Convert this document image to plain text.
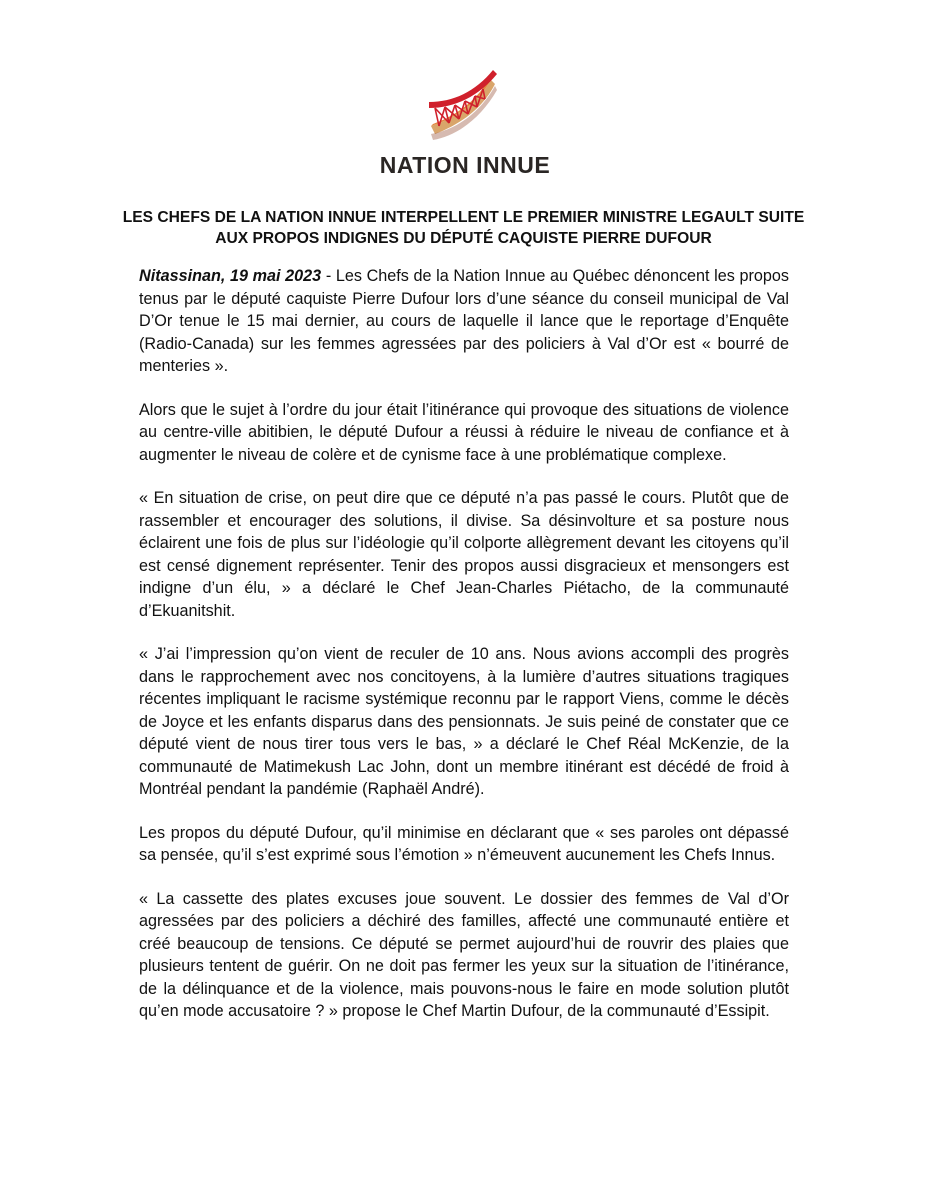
NATION INNUE
LES CHEFS DE LA NATION INNUE INTERPELLENT LE PREMIER MINISTRE LEGAULT SUITE
AUX PROPOS INDIGNES DU DÉPUTÉ CAQUISTE PIERRE DUFOUR

Nitassinan, 19 mai 2023 - Les Chefs de la Nation Innue au Québec dénoncent les propos tenus par le député caquiste Pierre Dufour lors d’une séance du conseil municipal de Val D’Or tenue le 15 mai dernier, au cours de laquelle il lance que le reportage d’Enquête (Radio-Canada) sur les femmes agressées par des policiers à Val d’Or est « bourré de menteries ».

Alors que le sujet à l’ordre du jour était l’itinérance qui provoque des situations de violence au centre-ville abitibien, le député Dufour a réussi à réduire le niveau de confiance et à augmenter le niveau de colère et de cynisme face à une problématique complexe.

« En situation de crise, on peut dire que ce député n’a pas passé le cours. Plutôt que de rassembler et encourager des solutions, il divise. Sa désinvolture et sa posture nous éclairent une fois de plus sur l’idéologie qu’il colporte allègrement devant les citoyens qu’il est censé dignement représenter. Tenir des propos aussi disgracieux et mensongers est indigne d’un élu, » a déclaré le Chef Jean-Charles Piétacho, de la communauté d’Ekuanitshit.

« J’ai l’impression qu’on vient de reculer de 10 ans. Nous avions accompli des progrès dans le rapprochement avec nos concitoyens, à la lumière d’autres situations tragiques récentes impliquant le racisme systémique reconnu par le rapport Viens, comme le décès de Joyce et les enfants disparus dans des pensionnats. Je suis peiné de constater que ce député vient de nous tirer tous vers le bas, » a déclaré le Chef Réal McKenzie, de la communauté de Matimekush Lac John, dont un membre itinérant est décédé de froid à Montréal pendant la pandémie (Raphaël André).

Les propos du député Dufour, qu’il minimise en déclarant que « ses paroles ont dépassé sa pensée, qu’il s’est exprimé sous l’émotion » n’émeuvent aucunement les Chefs Innus.

« La cassette des plates excuses joue souvent. Le dossier des femmes de Val d’Or agressées par des policiers a déchiré des familles, affecté une communauté entière et créé beaucoup de tensions. Ce député se permet aujourd’hui de rouvrir des plaies que plusieurs tentent de guérir. On ne doit pas fermer les yeux sur la situation de l’itinérance, de la délinquance et de la violence, mais pouvons-nous le faire en mode solution plutôt qu’en mode accusatoire ? » propose le Chef Martin Dufour, de la communauté d’Essipit.
